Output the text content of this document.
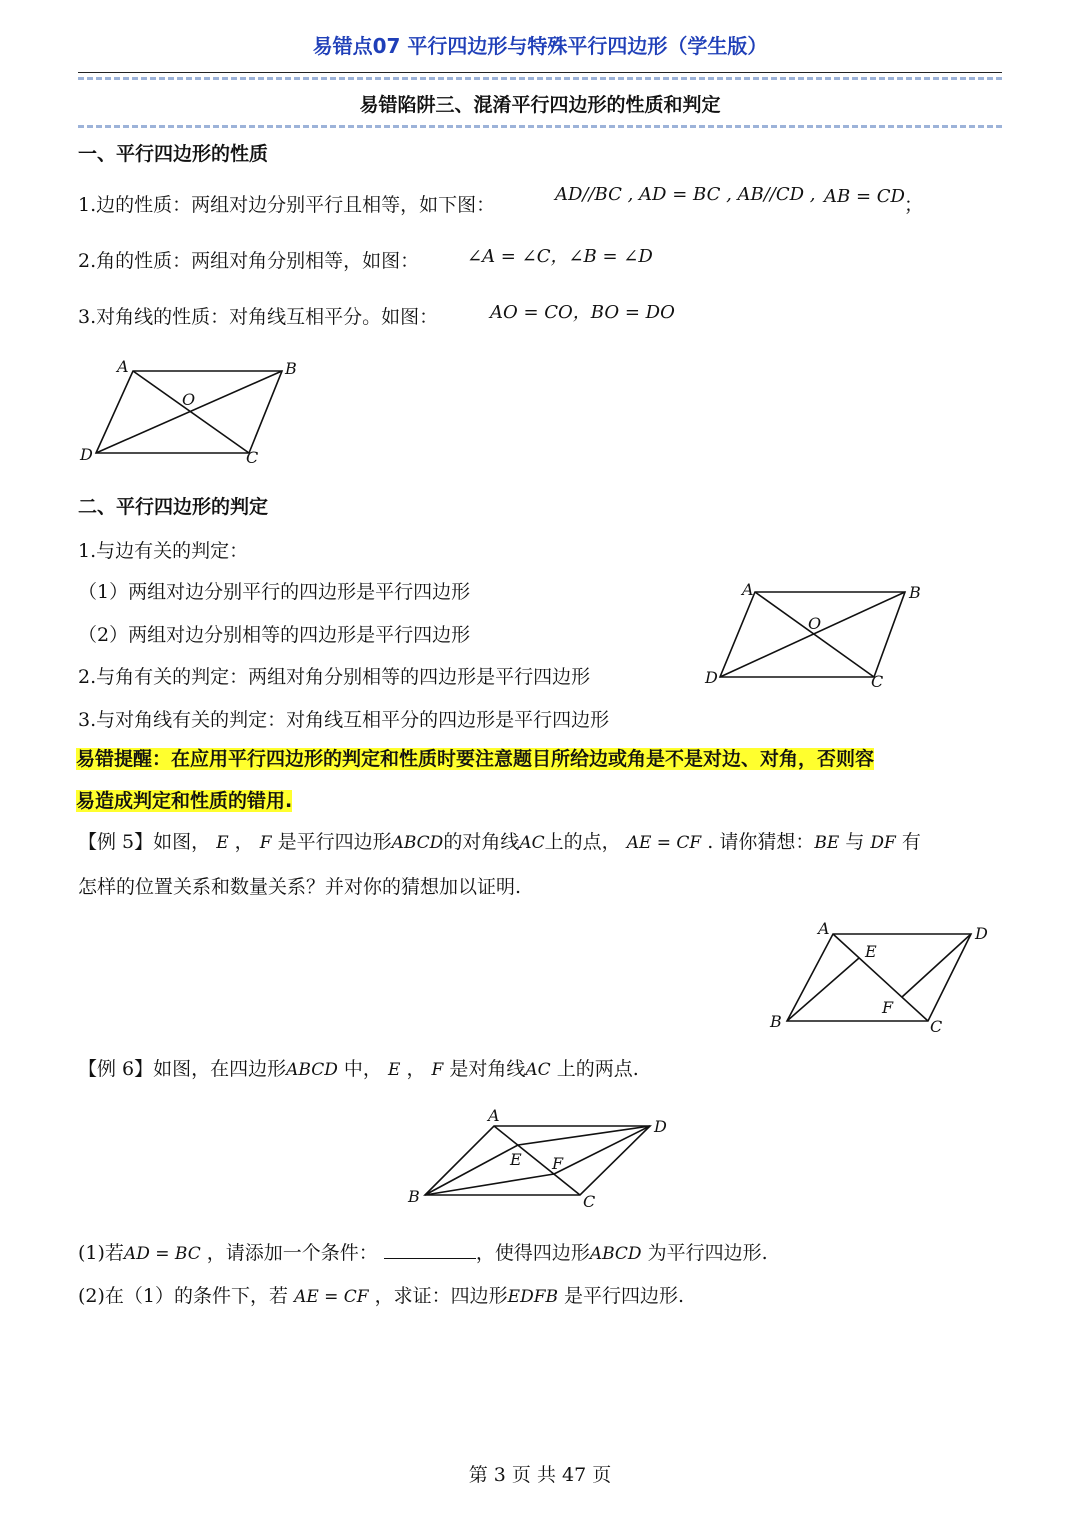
易错点07 平行四边形与特殊平行四边形（学生版）
易错陷阱三、混淆平行四边形的性质和判定
一、平行四边形的性质
1.边的性质：两组对边分别平行且相等，如下图：	AD//BC , AD = BC , AB//CD , AB = CD ；
2.角的性质：两组对角分别相等，如图：	∠A = ∠C，∠B = ∠D
3.对角线的性质：对角线互相平分。如图：	AO = CO，BO = DO
A	B
C
D
O
二、平行四边形的判定
1.与边有关的判定：
（1）两组对边分别平行的四边形是平行四边形
（2）两组对边分别相等的四边形是平行四边形
2.与角有关的判定：两组对角分别相等的四边形是平行四边形
3.与对角线有关的判定：对角线互相平分的四边形是平行四边形
A	B
C
D
O
易错提醒：在应用平行四边形的判定和性质时要注意题目所给边或角是不是对边、对角，否则容
易造成判定和性质的错用.
【例 5】如图， E ， F 是平行四边形ABCD的对角线AC上的点， AE = CF . 请你猜想：BE 与 DF 有
怎样的位置关系和数量关系？并对你的猜想加以证明.
A	D
E
F
B	C
【例 6】如图，在四边形ABCD 中， E ， F 是对角线AC 上的两点.
A
D
E F
B	C
(1)若AD = BC ，请添加一个条件：	，使得四边形ABCD 为平行四边形.
(2)在（1）的条件下，若 AE = CF ，求证：四边形EDFB 是平行四边形.
第 3 页 共 47 页
